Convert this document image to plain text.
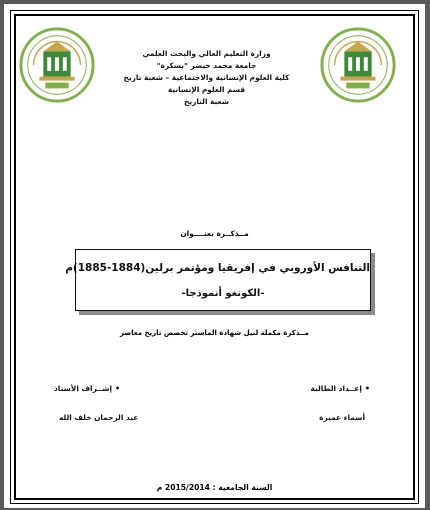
وزارة التعليم العالي والبحث العلمي
جامعة محمد خيضر "بسكرة"
كلية العلوم الإنسانية والاجتماعية – شعبة تاريخ
قسم العلوم الإنسانية
شعبة التاريخ
مــذكــرة بعنــــوان
التنافس الأوروبي في إفريقيا ومؤتمر برلين(1884-1885)م
-الكونغو أنموذجا-
مــذكرة مكملة لنيل شهادة الماستر تخصص تاريخ معاصر
•إعــداد الطالبة
•إشــراف الأستاذ
أسماء عميرة
عبد الرحمان خلف الله
السنة الجامعية : 2015/2014 م
